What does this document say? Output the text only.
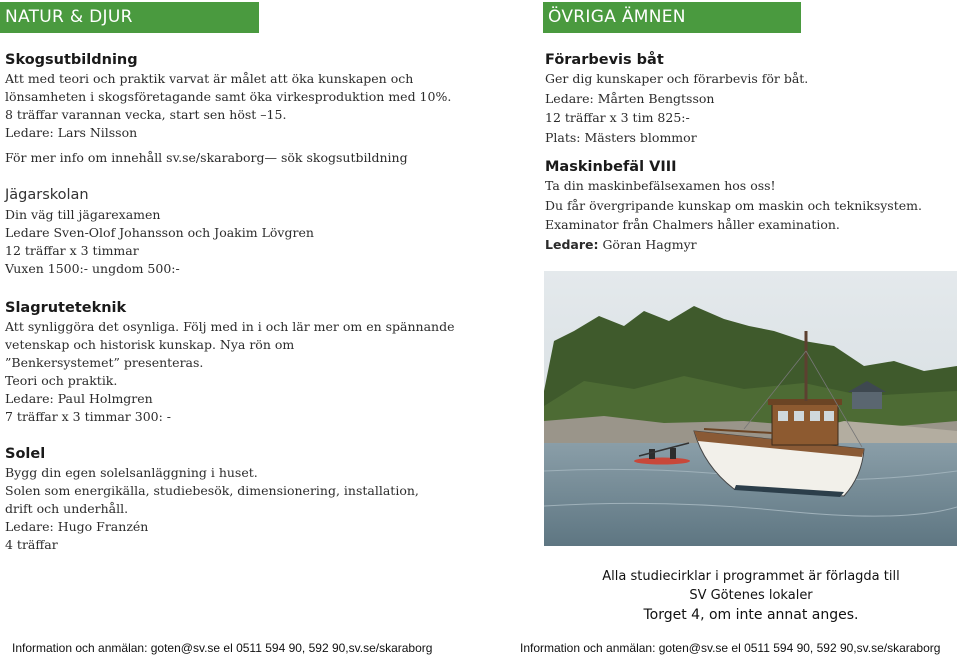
NATUR & DJUR	ÖVRIGA ÄMNEN
Skogsutbildning
Att med teori och praktik varvat är målet att öka kunskapen och
lönsamheten i skogsföretagande samt öka virkesproduktion med 10%.
8 träffar varannan vecka, start sen höst –15.
Ledare: Lars Nilsson
För mer info om innehåll sv.se/skaraborg— sök skogsutbildning
Jägarskolan
Din väg till jägarexamen
Ledare Sven-Olof Johansson och Joakim Lövgren
12 träffar x 3 timmar
Vuxen 1500:- ungdom 500:-
Slagruteteknik
Att synliggöra det osynliga. Följ med in i och lär mer om en spännande
vetenskap och historisk kunskap. Nya rön om
”Benkersystemet” presenteras.
Teori och praktik.
Ledare: Paul Holmgren
7 träffar x 3 timmar 300: -
Solel
Bygg din egen solelsanläggning i huset.
Solen som energikälla, studiebesök, dimensionering, installation,
drift och underhåll.
Ledare: Hugo Franzén
4 träffar
Förarbevis båt
Ger dig kunskaper och förarbevis för båt.
Ledare: Mårten Bengtsson
12 träffar x 3 tim 825:-
Plats: Mästers blommor
Maskinbefäl VIII
Ta din maskinbefälsexamen hos oss!
Du får övergripande kunskap om maskin och tekniksystem.
Examinator från Chalmers håller examination.
Ledare: Göran Hagmyr
Alla studiecirklar i programmet är förlagda till
SV Götenes lokaler
Torget 4, om inte annat anges.
Information och anmälan: goten@sv.se el 0511 594 90, 592 90,sv.se/skaraborg	Information och anmälan: goten@sv.se el 0511 594 90, 592 90,sv.se/skaraborg
